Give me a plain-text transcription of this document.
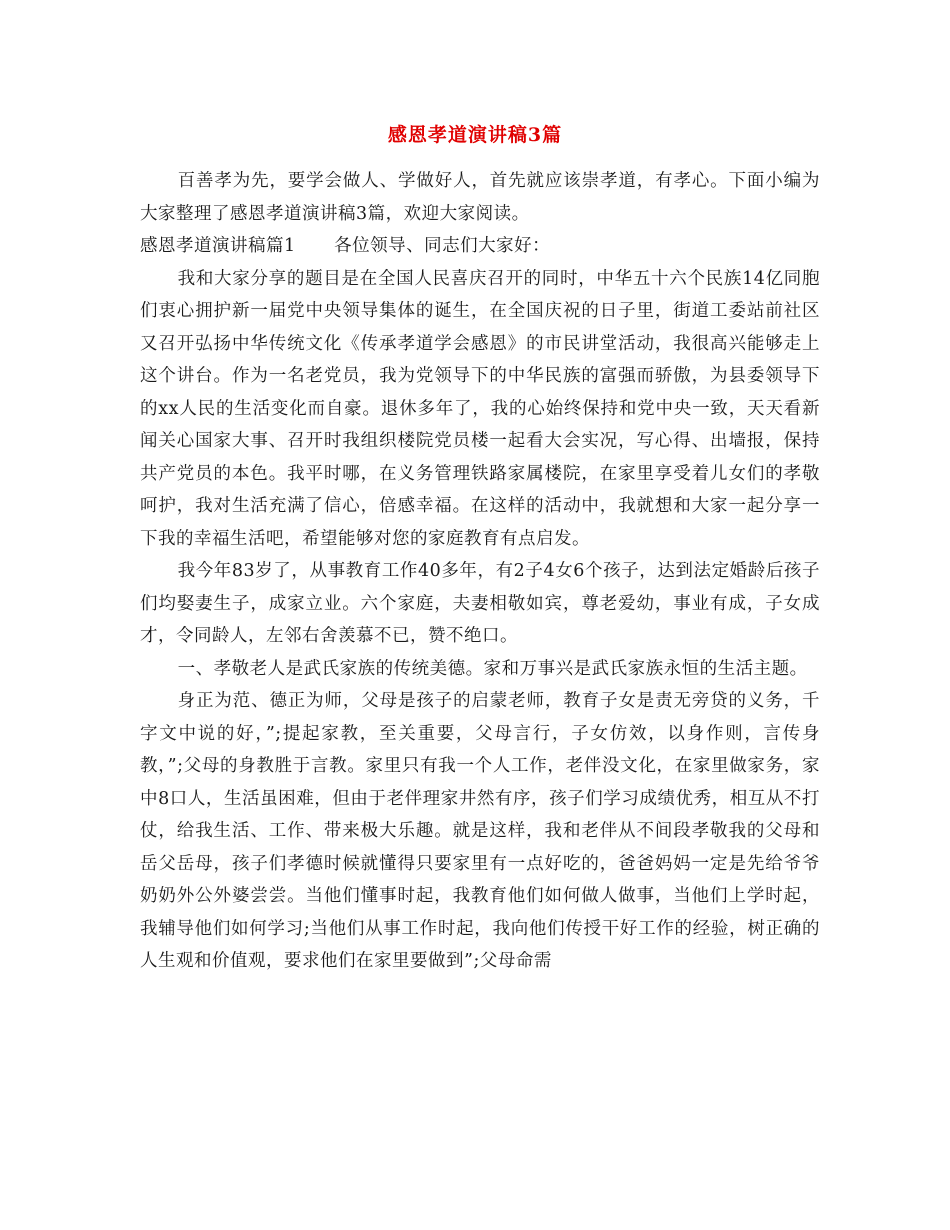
感恩孝道演讲稿3篇

百善孝为先，要学会做人、学做好人，首先就应该崇孝道，有孝心。下面小编为大家整理了感恩孝道演讲稿3篇，欢迎大家阅读。

感恩孝道演讲稿篇1 各位领导、同志们大家好：

我和大家分享的题目是在全国人民喜庆召开的同时，中华五十六个民族14亿同胞们衷心拥护新一届党中央领导集体的诞生，在全国庆祝的日子里，街道工委站前社区又召开弘扬中华传统文化《传承孝道学会感恩》的市民讲堂活动，我很高兴能够走上这个讲台。作为一名老党员，我为党领导下的中华民族的富强而骄傲，为县委领导下的xx人民的生活变化而自豪。退休多年了，我的心始终保持和党中央一致，天天看新闻关心国家大事、召开时我组织楼院党员楼一起看大会实况，写心得、出墙报，保持共产党员的本色。我平时哪，在义务管理铁路家属楼院，在家里享受着儿女们的孝敬呵护，我对生活充满了信心，倍感幸福。在这样的活动中，我就想和大家一起分享一下我的幸福生活吧，希望能够对您的家庭教育有点启发。

我今年83岁了，从事教育工作40多年，有2子4女6个孩子，达到法定婚龄后孩子们均娶妻生子，成家立业。六个家庭，夫妻相敬如宾，尊老爱幼，事业有成，子女成才，令同龄人，左邻右舍羡慕不已，赞不绝口。

一、孝敬老人是武氏家族的传统美德。家和万事兴是武氏家族永恒的生活主题。

身正为范、德正为师，父母是孩子的启蒙老师，教育子女是责无旁贷的义务，千字文中说的好，”;提起家教，至关重要，父母言行，子女仿效，以身作则，言传身教，”;父母的身教胜于言教。家里只有我一个人工作，老伴没文化，在家里做家务，家中8口人，生活虽困难，但由于老伴理家井然有序，孩子们学习成绩优秀，相互从不打仗，给我生活、工作、带来极大乐趣。就是这样，我和老伴从不间段孝敬我的父母和岳父岳母，孩子们孝德时候就懂得只要家里有一点好吃的，爸爸妈妈一定是先给爷爷奶奶外公外婆尝尝。当他们懂事时起，我教育他们如何做人做事，当他们上学时起，我辅导他们如何学习;当他们从事工作时起，我向他们传授干好工作的经验，树正确的人生观和价值观，要求他们在家里要做到”;父母命需
